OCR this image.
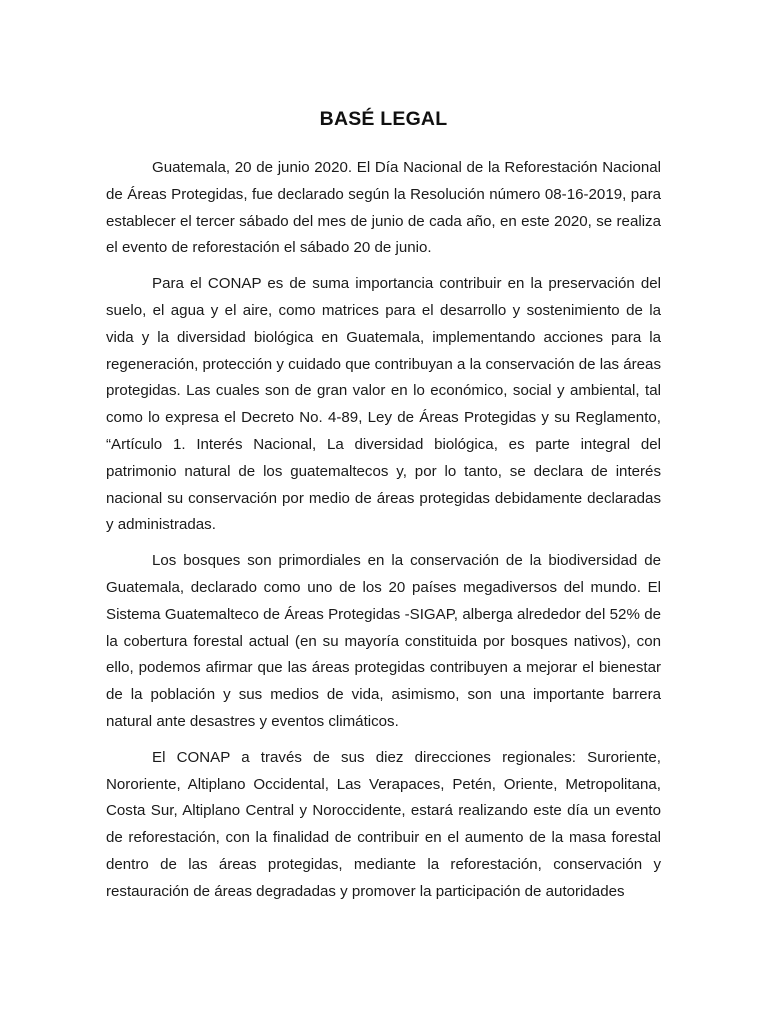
BASÉ LEGAL

Guatemala, 20 de junio 2020. El Día Nacional de la Reforestación Nacional de Áreas Protegidas, fue declarado según la Resolución número 08-16-2019, para establecer el tercer sábado del mes de junio de cada año, en este 2020, se realiza el evento de reforestación el sábado 20 de junio.

Para el CONAP es de suma importancia contribuir en la preservación del suelo, el agua y el aire, como matrices para el desarrollo y sostenimiento de la vida y la diversidad biológica en Guatemala, implementando acciones para la regeneración, protección y cuidado que contribuyan a la conservación de las áreas protegidas. Las cuales son de gran valor en lo económico, social y ambiental, tal como lo expresa el Decreto No. 4-89, Ley de Áreas Protegidas y su Reglamento, “Artículo 1. Interés Nacional, La diversidad biológica, es parte integral del patrimonio natural de los guatemaltecos y, por lo tanto, se declara de interés nacional su conservación por medio de áreas protegidas debidamente declaradas y administradas.

Los bosques son primordiales en la conservación de la biodiversidad de Guatemala, declarado como uno de los 20 países megadiversos del mundo. El Sistema Guatemalteco de Áreas Protegidas -SIGAP, alberga alrededor del 52% de la cobertura forestal actual (en su mayoría constituida por bosques nativos), con ello, podemos afirmar que las áreas protegidas contribuyen a mejorar el bienestar de la población y sus medios de vida, asimismo, son una importante barrera natural ante desastres y eventos climáticos.

El CONAP a través de sus diez direcciones regionales: Suroriente, Nororiente, Altiplano Occidental, Las Verapaces, Petén, Oriente, Metropolitana, Costa Sur, Altiplano Central y Noroccidente, estará realizando este día un evento de reforestación, con la finalidad de contribuir en el aumento de la masa forestal dentro de las áreas protegidas, mediante la reforestación, conservación y restauración de áreas degradadas y promover la participación de autoridades
